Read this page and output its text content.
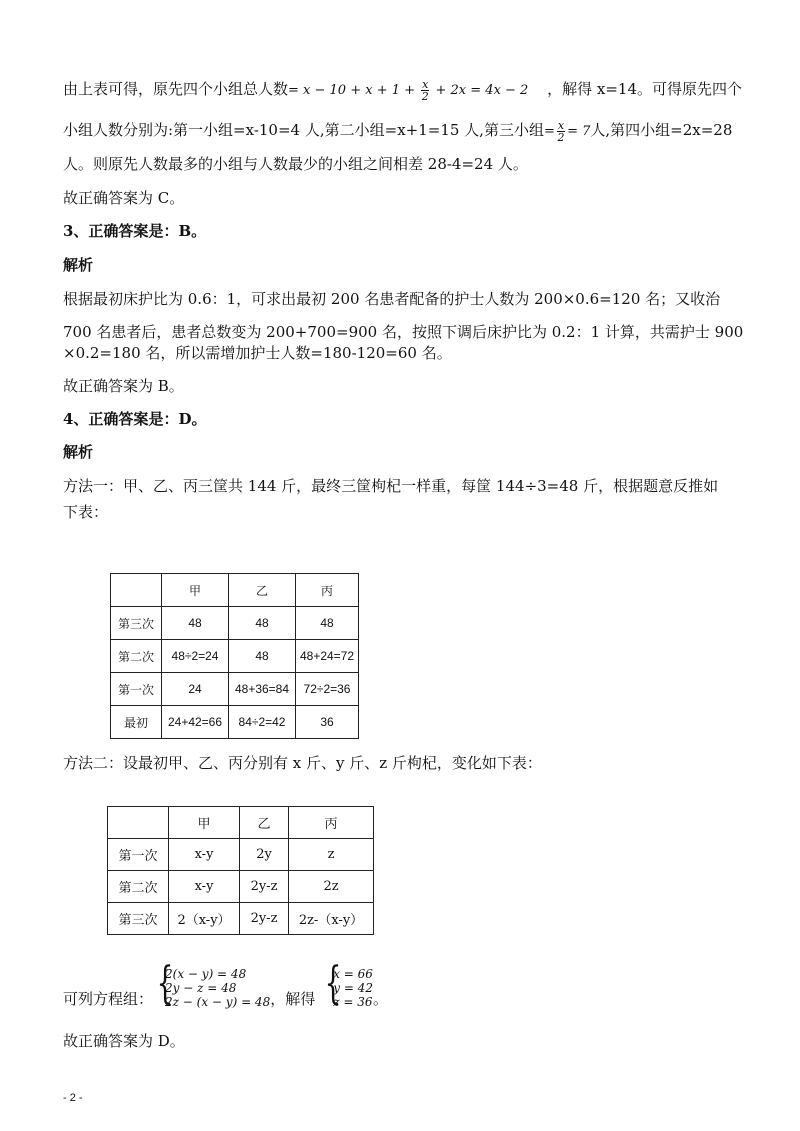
由上表可得，原先四个小组总人数= $x - 10 + x + 1 + \frac{x}{2} + 2x = 4x - 2$ ，解得 x=14。可得原先四个
小组人数分别为:第一小组=x-10=4 人,第二小组=x+1=15 人,第三小组= $\frac{x}{2} = 7$人,第四小组=2x=28
人。则原先人数最多的小组与人数最少的小组之间相差 28-4=24 人。
故正确答案为 C。
3、正确答案是：B。
解析
根据最初床护比为 0.6：1，可求出最初 200 名患者配备的护士人数为 200×0.6=120 名；又收治
700 名患者后，患者总数变为 200+700=900 名，按照下调后床护比为 0.2：1 计算，共需护士 900
×0.2=180 名，所以需增加护士人数=180-120=60 名。
故正确答案为 B。
4、正确答案是：D。
解析
方法一：甲、乙、丙三筐共 144 斤，最终三筐枸杞一样重，每筐 144÷3=48 斤，根据题意反推如
下表：
	甲	乙	丙
第三次	48	48	48
第二次	48÷2=24	48	48+24=72
第一次	24	48+36=84	72÷2=36
最初	24+42=66	84÷2=42	36
方法二：设最初甲、乙、丙分别有 x 斤、y 斤、z 斤枸杞，变化如下表：
	甲	乙	丙
第一次	x-y	2y	z
第二次	x-y	2y-z	2z
第三次	2（x-y）	2y-z	2z-（x-y）
可列方程组：
{ 2(x − y) = 48
2y − z = 48
2z − (x − y) = 48 ，解得
{ x = 66
y = 42
z = 36 。
故正确答案为 D。
- 2 -
